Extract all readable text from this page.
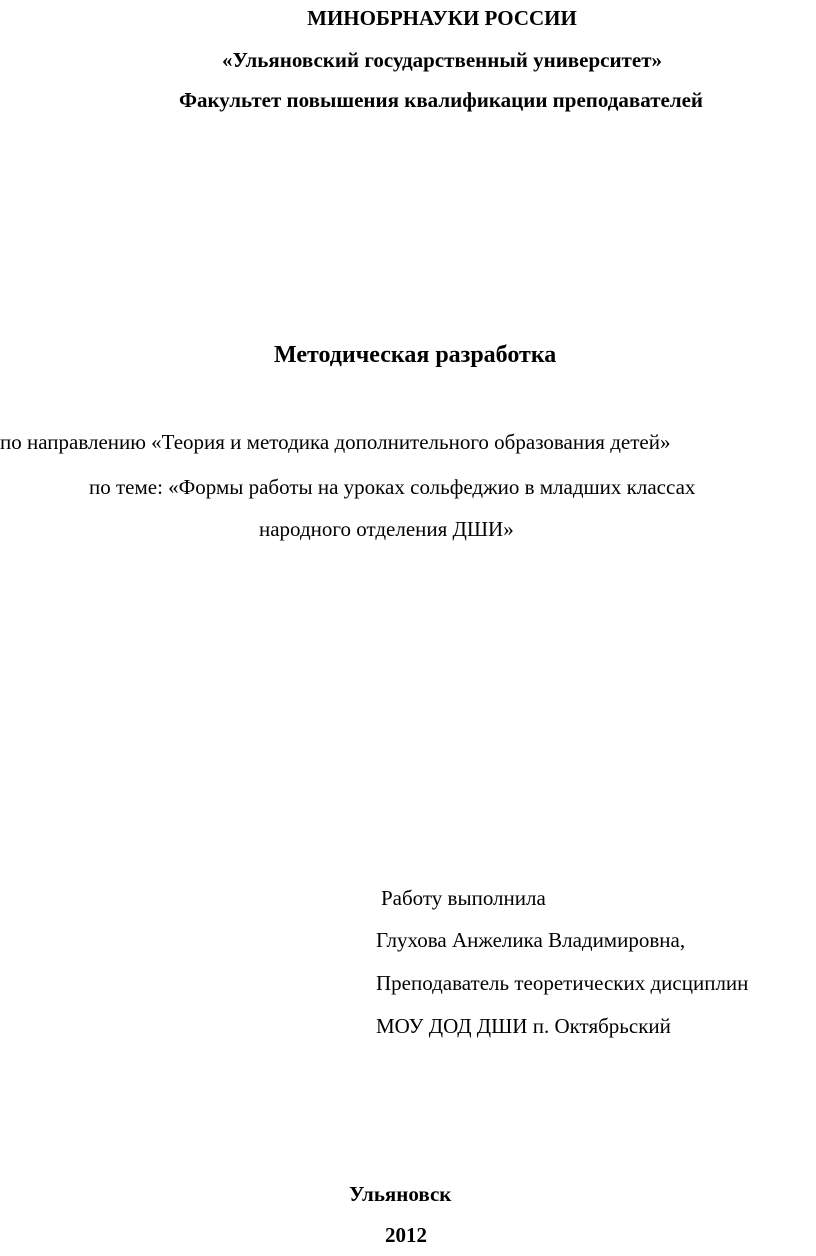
МИНОБРНАУКИ РОССИИ
«Ульяновский государственный университет»
Факультет повышения квалификации преподавателей
Методическая разработка
по направлению «Теория и методика дополнительного образования детей»
по теме: «Формы работы на уроках сольфеджио в младших классах
народного отделения ДШИ»
Работу выполнила
Глухова Анжелика Владимировна,
Преподаватель теоретических дисциплин
МОУ ДОД ДШИ п. Октябрьский
Ульяновск
2012
